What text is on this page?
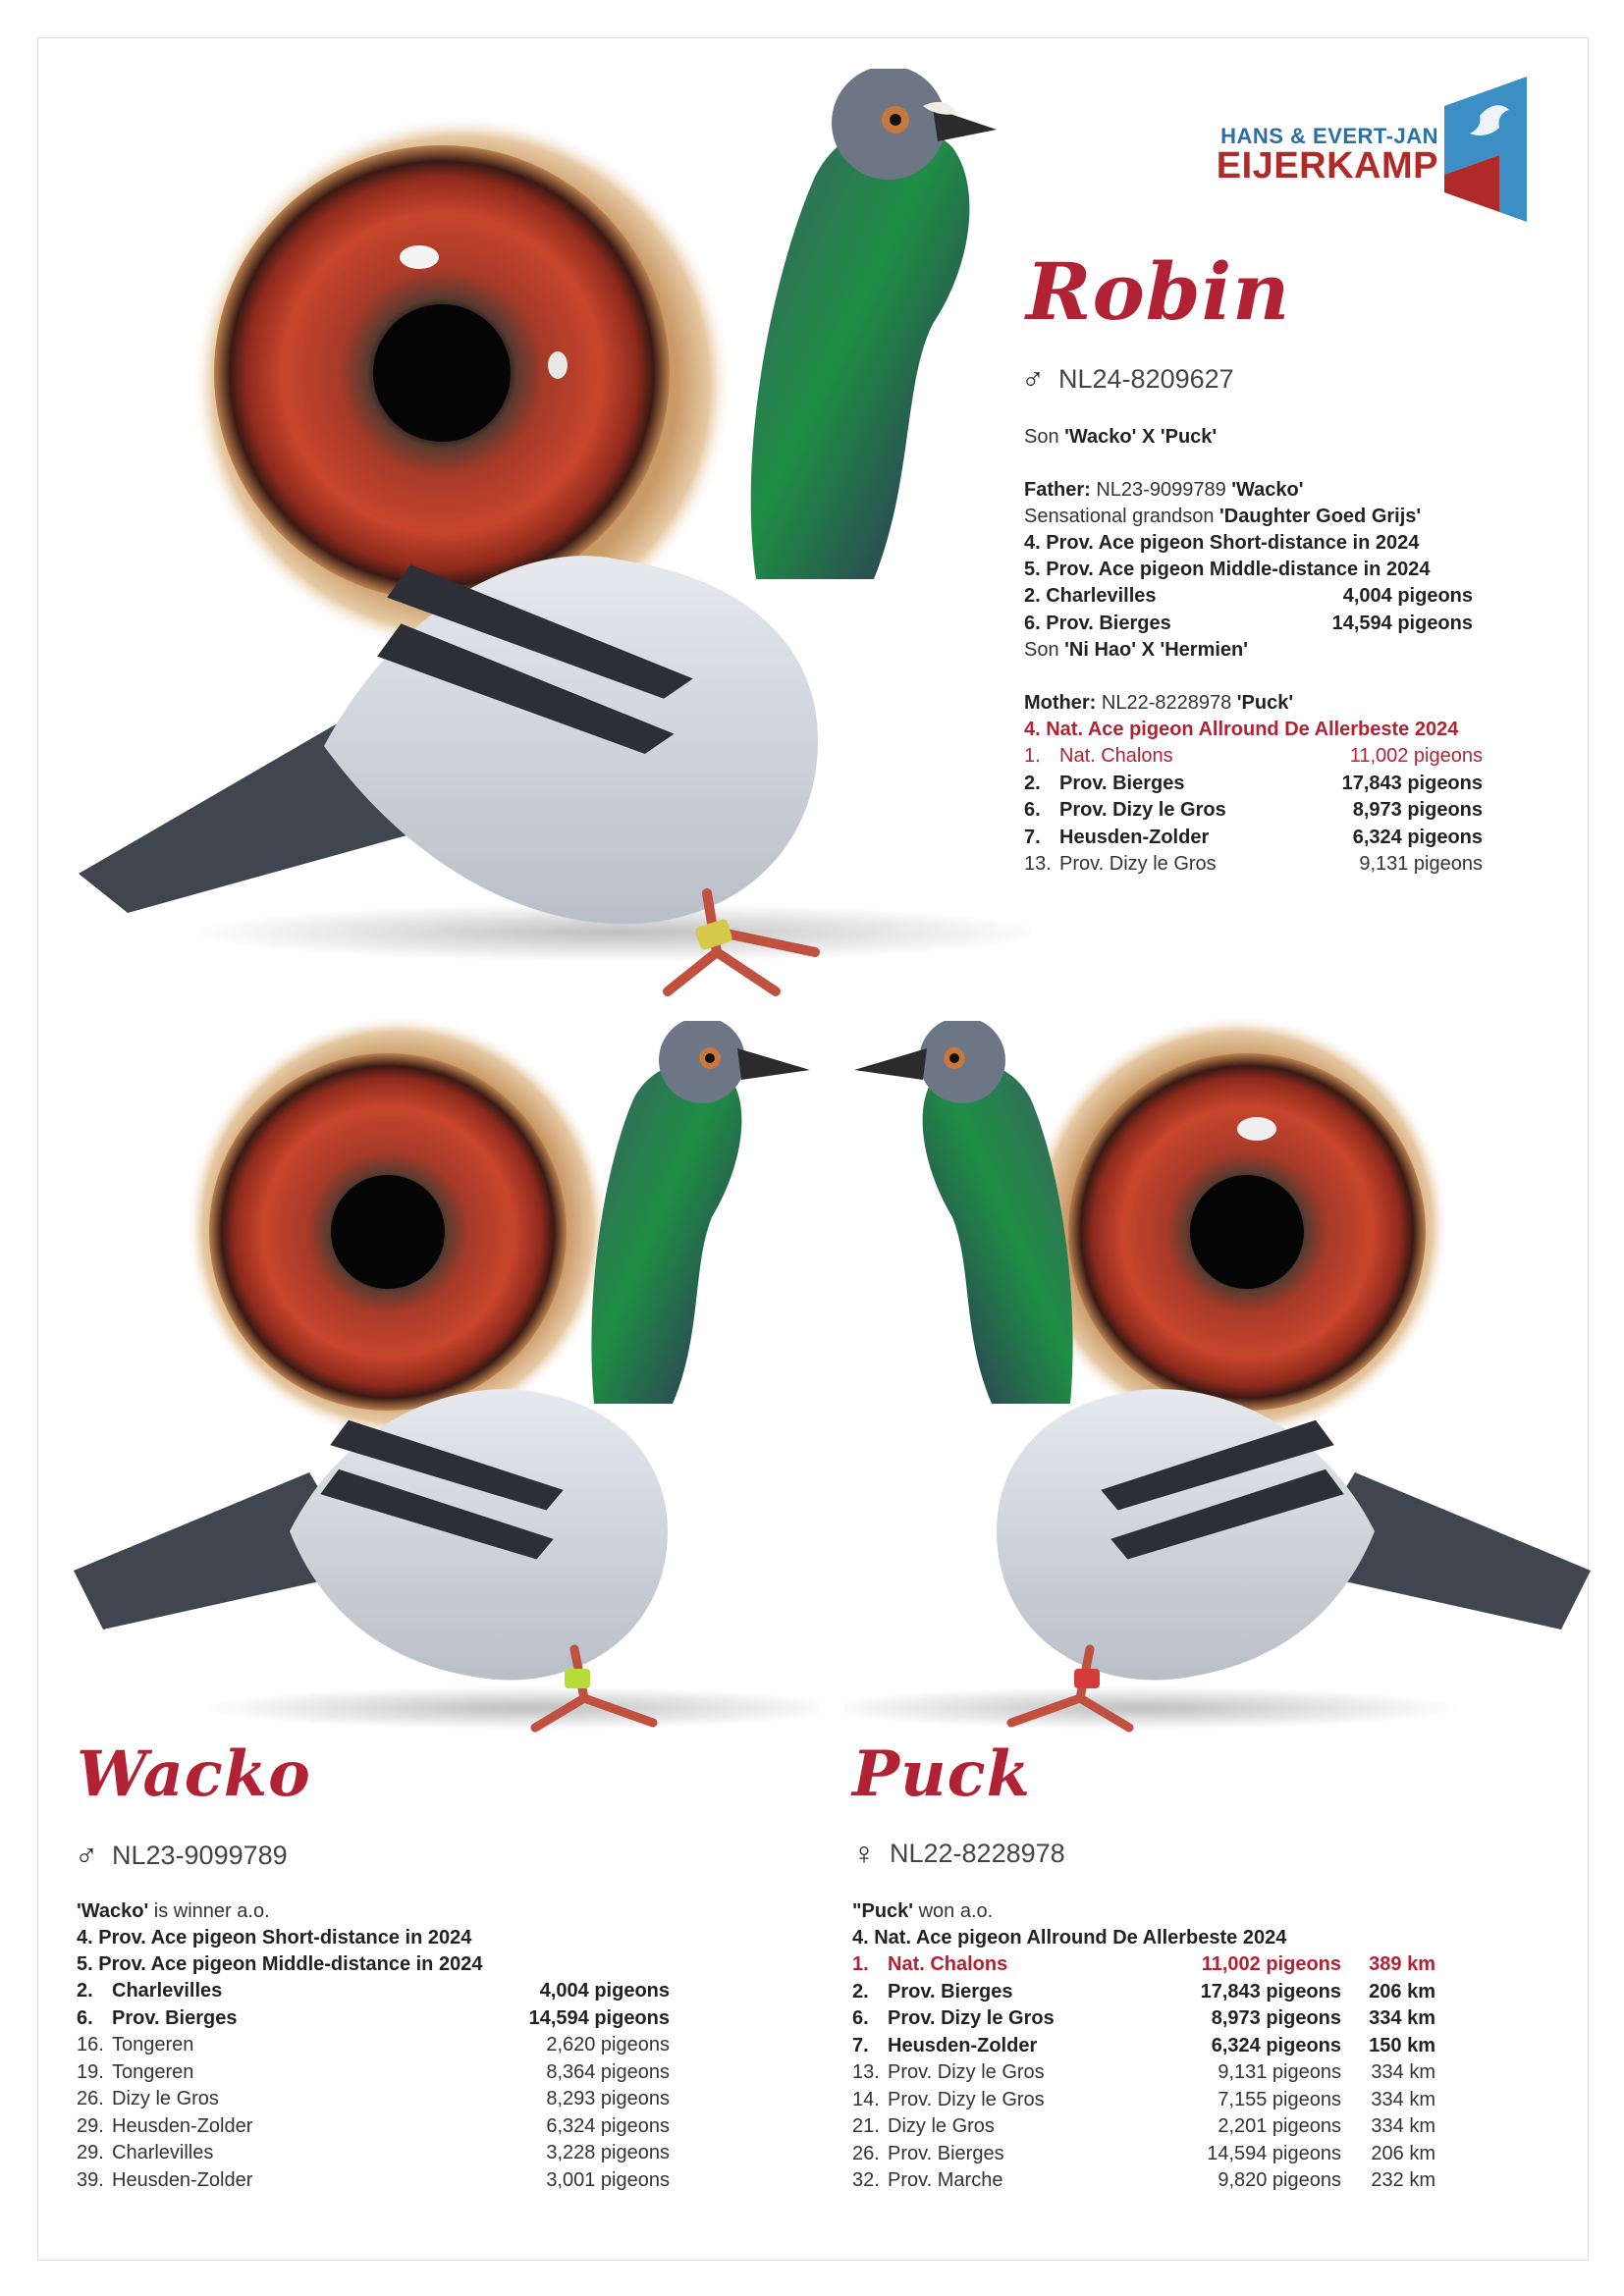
HANS & EVERT-JAN
EIJERKAMP
Robin
♂ NL24-8209627
Son 'Wacko' X 'Puck'
Father: NL23-9099789 'Wacko'
Sensational grandson 'Daughter Goed Grijs'
4. Prov. Ace pigeon Short-distance in 2024
5. Prov. Ace pigeon Middle-distance in 2024
2. Charlevilles	4,004 pigeons
6. Prov. Bierges	14,594 pigeons
Son 'Ni Hao' X 'Hermien'
Mother: NL22-8228978 'Puck'
4. Nat. Ace pigeon Allround De Allerbeste 2024
1. Nat. Chalons	11,002 pigeons
2. Prov. Bierges	17,843 pigeons
6. Prov. Dizy le Gros	8,973 pigeons
7. Heusden-Zolder	6,324 pigeons
13. Prov. Dizy le Gros	9,131 pigeons
Wacko
♂ NL23-9099789
'Wacko' is winner a.o.
4. Prov. Ace pigeon Short-distance in 2024
5. Prov. Ace pigeon Middle-distance in 2024
2. Charlevilles	4,004 pigeons
6. Prov. Bierges	14,594 pigeons
16. Tongeren	2,620 pigeons
19. Tongeren	8,364 pigeons
26. Dizy le Gros	8,293 pigeons
29. Heusden-Zolder	6,324 pigeons
29. Charlevilles	3,228 pigeons
39. Heusden-Zolder	3,001 pigeons
Puck
♀ NL22-8228978
"Puck' won a.o.
4. Nat. Ace pigeon Allround De Allerbeste 2024
1. Nat. Chalons	11,002 pigeons	389 km
2. Prov. Bierges	17,843 pigeons	206 km
6. Prov. Dizy le Gros	8,973 pigeons	334 km
7. Heusden-Zolder	6,324 pigeons	150 km
13. Prov. Dizy le Gros	9,131 pigeons	334 km
14. Prov. Dizy le Gros	7,155 pigeons	334 km
21. Dizy le Gros	2,201 pigeons	334 km
26. Prov. Bierges	14,594 pigeons	206 km
32. Prov. Marche	9,820 pigeons	232 km
